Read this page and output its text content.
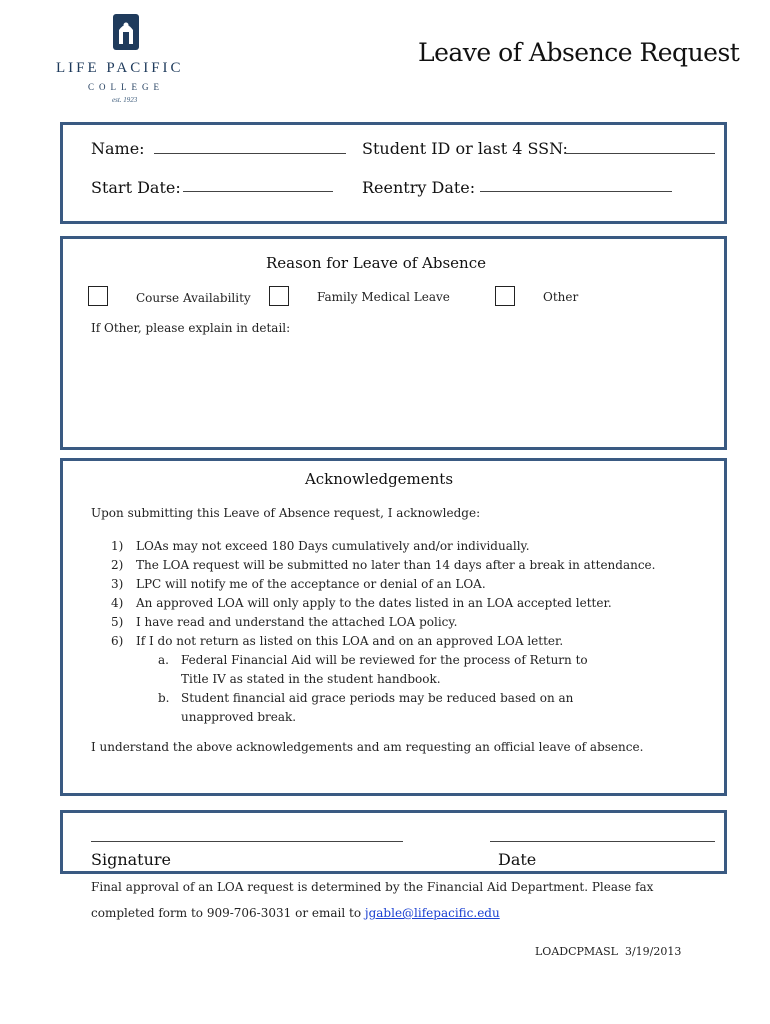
LIFE PACIFIC
COLLEGE
est. 1923
Leave of Absence Request
Name:	Student ID or last 4 SSN:
Start Date:	Reentry Date:
Reason for Leave of Absence
Course Availability	Family Medical Leave	Other
If Other, please explain in detail:
Acknowledgements
Upon submitting this Leave of Absence request, I acknowledge:
1)	LOAs may not exceed 180 Days cumulatively and/or individually.
2)	The LOA request will be submitted no later than 14 days after a break in attendance.
3)	LPC will notify me of the acceptance or denial of an LOA.
4)	An approved LOA will only apply to the dates listed in an LOA accepted letter.
5)	I have read and understand the attached LOA policy.
6)	If I do not return as listed on this LOA and on an approved LOA letter.
a.	Federal Financial Aid will be reviewed for the process of Return to Title IV as stated in the student handbook.
b. Student financial aid grace periods may be reduced based on an unapproved break.
I understand the above acknowledgements and am requesting an official leave of absence.
Signature	Date
Final approval of an LOA request is determined by the Financial Aid Department. Please fax
completed form to 909-706-3031 or email to jgable@lifepacific.edu
LOADCPMASL  3/19/2013
